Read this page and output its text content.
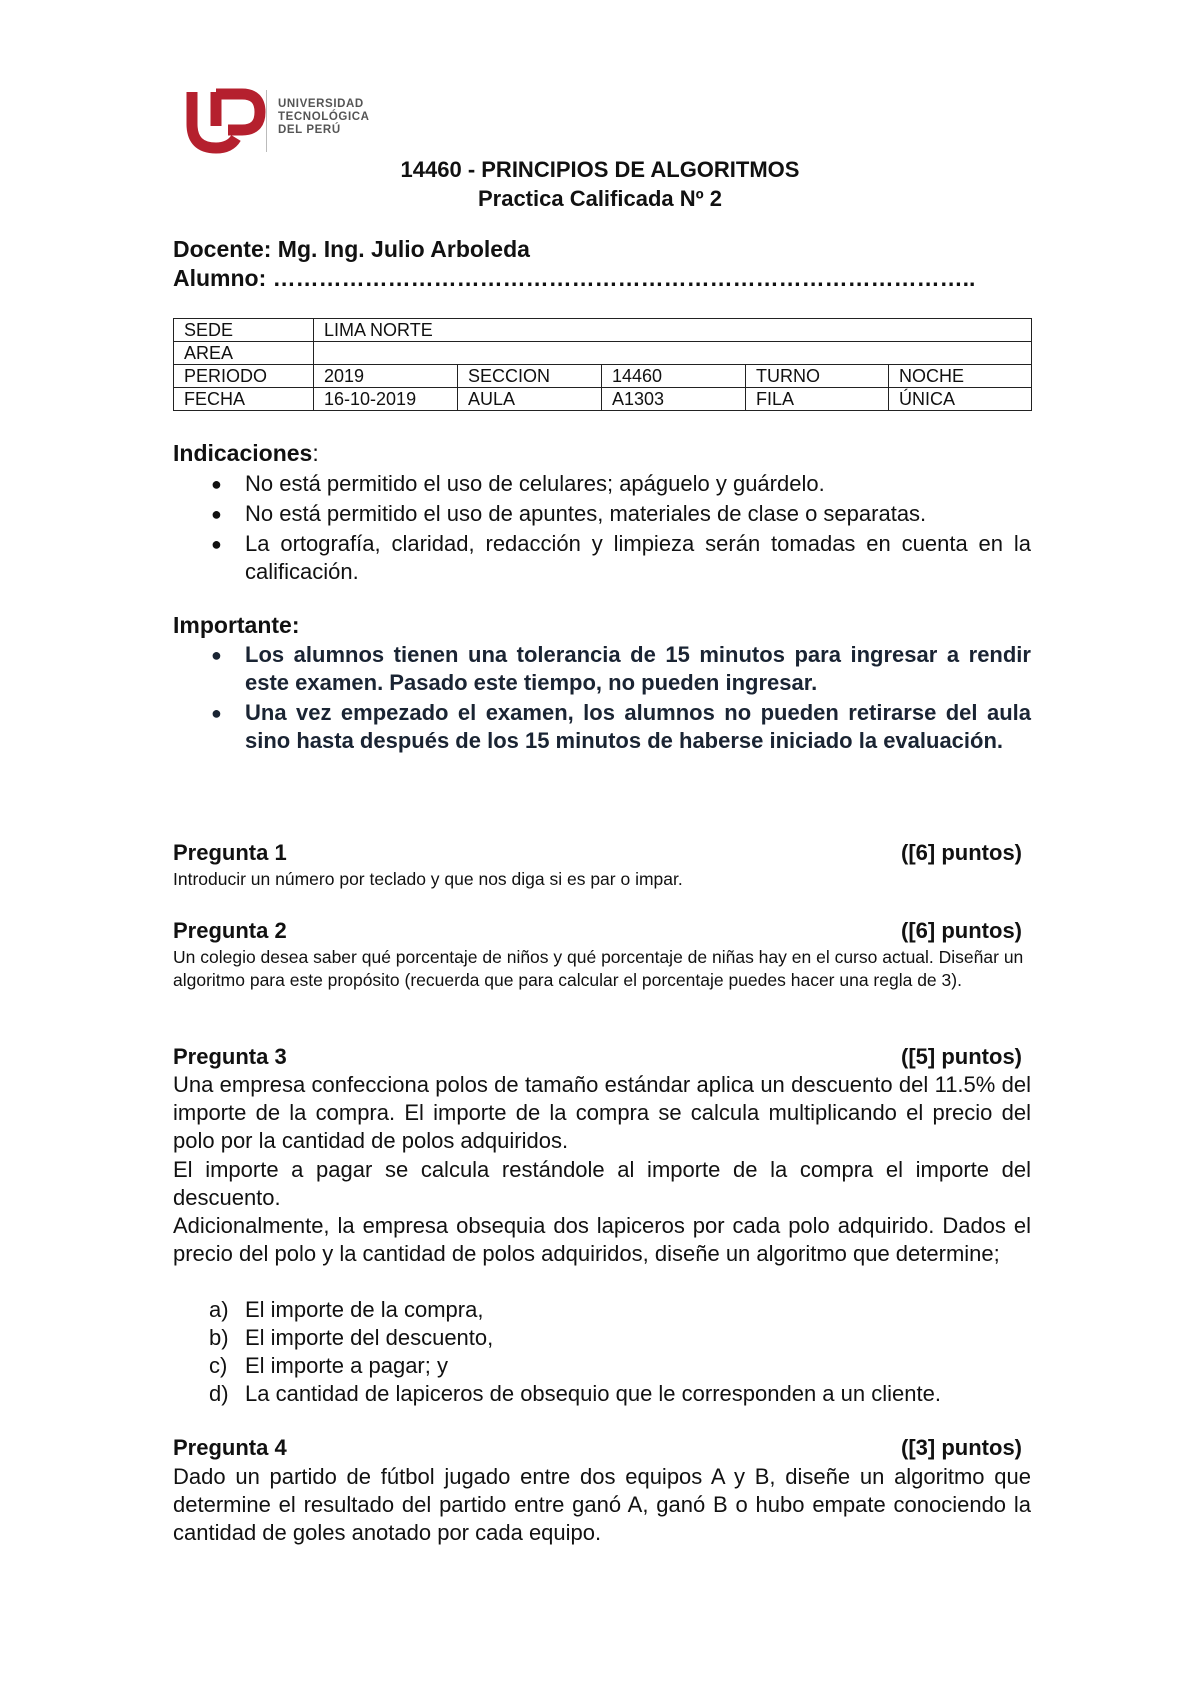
UNIVERSIDAD
TECNOLÓGICA
DEL PERÚ
14460 - PRINCIPIOS DE ALGORITMOS
Practica Calificada Nº 2
Docente: Mg. Ing. Julio Arboleda
Alumno: ………………………………………………………………………………..
SEDE	LIMA NORTE				
AREA					
PERIODO	2019	SECCION	14460	TURNO	NOCHE
FECHA	16-10-2019	AULA	A1303	FILA	ÚNICA
Indicaciones:
● No está permitido el uso de celulares; apáguelo y guárdelo.
● No está permitido el uso de apuntes, materiales de clase o separatas.
● La ortografía, claridad, redacción y limpieza serán tomadas en cuenta en la calificación.
Importante:
● Los alumnos tienen una tolerancia de 15 minutos para ingresar a rendir este examen. Pasado este tiempo, no pueden ingresar.
● Una vez empezado el examen, los alumnos no pueden retirarse del aula sino hasta después de los 15 minutos de haberse iniciado la evaluación.
Pregunta 1	([6] puntos)
Introducir un número por teclado y que nos diga si es par o impar.
Pregunta 2	([6] puntos)
Un colegio desea saber qué porcentaje de niños y qué porcentaje de niñas hay en el curso actual. Diseñar un algoritmo para este propósito (recuerda que para calcular el porcentaje puedes hacer una regla de 3).
Pregunta 3	([5] puntos)
Una empresa confecciona polos de tamaño estándar aplica un descuento del 11.5% del importe de la compra. El importe de la compra se calcula multiplicando el precio del polo por la cantidad de polos adquiridos.
El importe a pagar se calcula restándole al importe de la compra el importe del descuento.
Adicionalmente, la empresa obsequia dos lapiceros por cada polo adquirido. Dados el precio del polo y la cantidad de polos adquiridos, diseñe un algoritmo que determine;
a) El importe de la compra,
b) El importe del descuento,
c) El importe a pagar; y
d) La cantidad de lapiceros de obsequio que le corresponden a un cliente.
Pregunta 4	([3] puntos)
Dado un partido de fútbol jugado entre dos equipos A y B, diseñe un algoritmo que determine el resultado del partido entre ganó A, ganó B o hubo empate conociendo la cantidad de goles anotado por cada equipo.
